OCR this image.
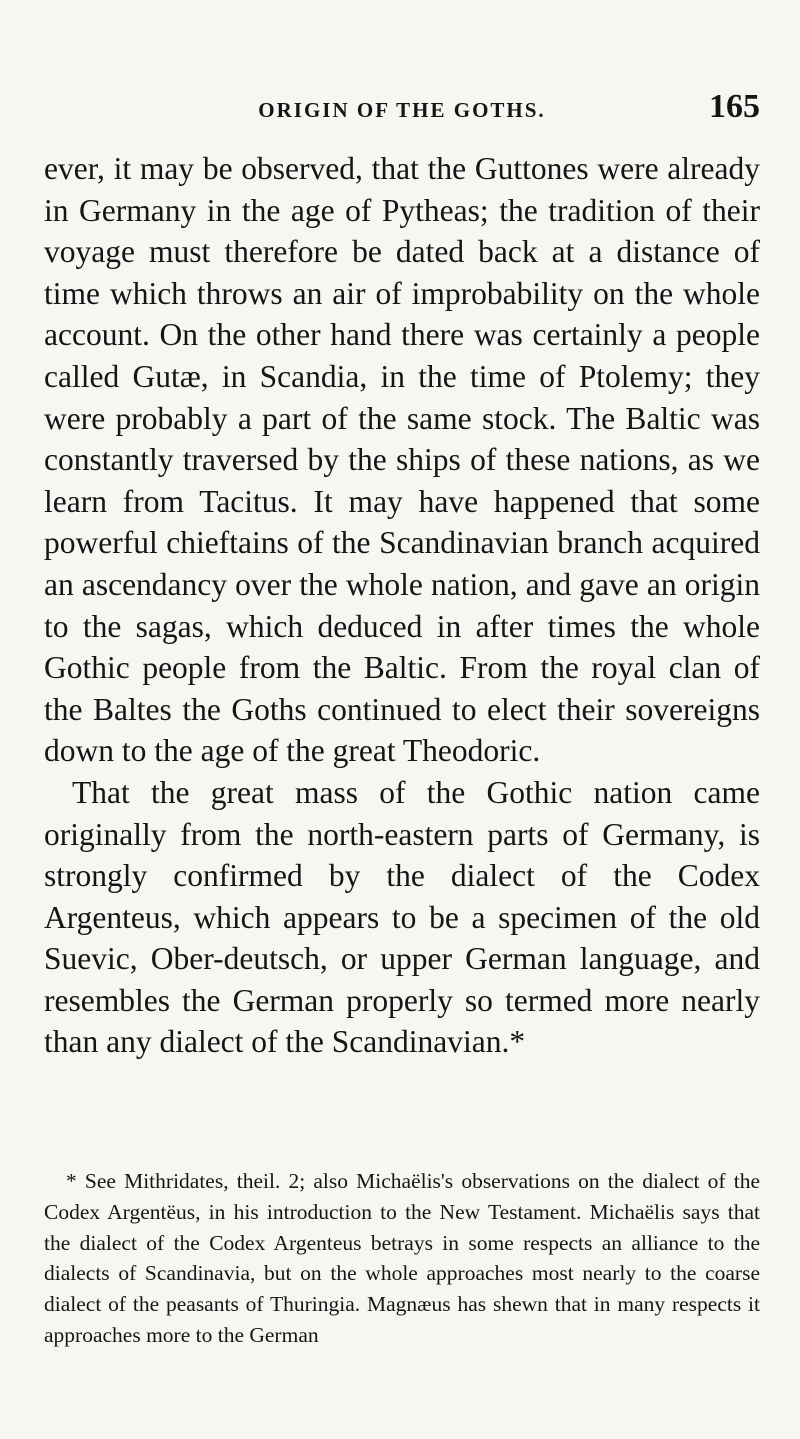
ORIGIN OF THE GOTHS.	165

ever, it may be observed, that the Guttones were already in Germany in the age of Pytheas; the tradition of their voyage must therefore be dated back at a distance of time which throws an air of improbability on the whole account. On the other hand there was certainly a people called Gutæ, in Scandia, in the time of Ptolemy; they were probably a part of the same stock. The Baltic was constantly traversed by the ships of these nations, as we learn from Tacitus. It may have happened that some powerful chieftains of the Scandinavian branch acquired an ascendancy over the whole nation, and gave an origin to the sagas, which deduced in after times the whole Gothic people from the Baltic. From the royal clan of the Baltes the Goths continued to elect their sovereigns down to the age of the great Theodoric.

That the great mass of the Gothic nation came originally from the north-eastern parts of Germany, is strongly confirmed by the dialect of the Codex Argenteus, which appears to be a specimen of the old Suevic, Ober-deutsch, or upper German language, and resembles the German properly so termed more nearly than any dialect of the Scandinavian.*

* See Mithridates, theil. 2; also Michaëlis's observations on the dialect of the Codex Argentëus, in his introduction to the New Testament. Michaëlis says that the dialect of the Codex Argenteus betrays in some respects an alliance to the dialects of Scandinavia, but on the whole approaches most nearly to the coarse dialect of the peasants of Thuringia. Magnæus has shewn that in many respects it approaches more to the German
